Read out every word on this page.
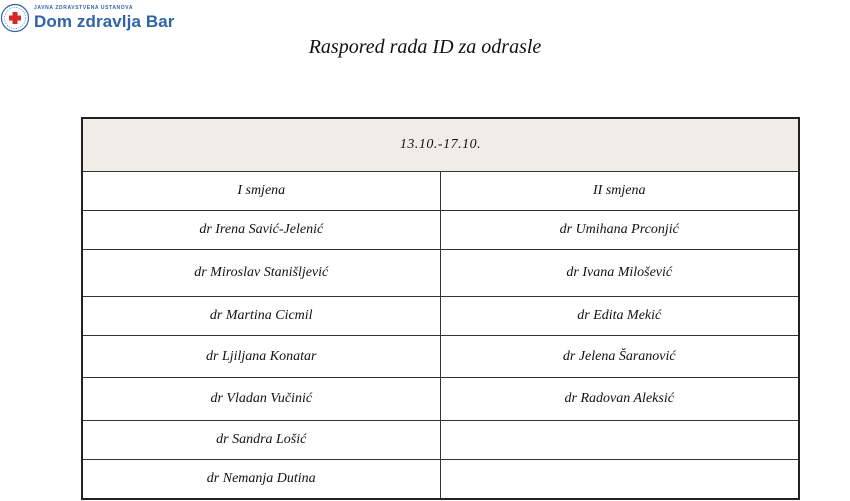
JAVNA ZDRAVSTVENA USTANOVA
Dom zdravlja Bar
Raspored rada ID za odrasle
13.10.-17.10.	
I smjena	II smjena
dr Irena Savić-Jelenić	dr Umihana Prconjić
dr Miroslav Stanišljević	dr Ivana Milošević
dr Martina Cicmil	dr Edita Mekić
dr Ljiljana Konatar	dr Jelena Šaranović
dr Vladan Vučinić	dr Radovan Aleksić
dr Sandra Lošić	
dr Nemanja Dutina	
